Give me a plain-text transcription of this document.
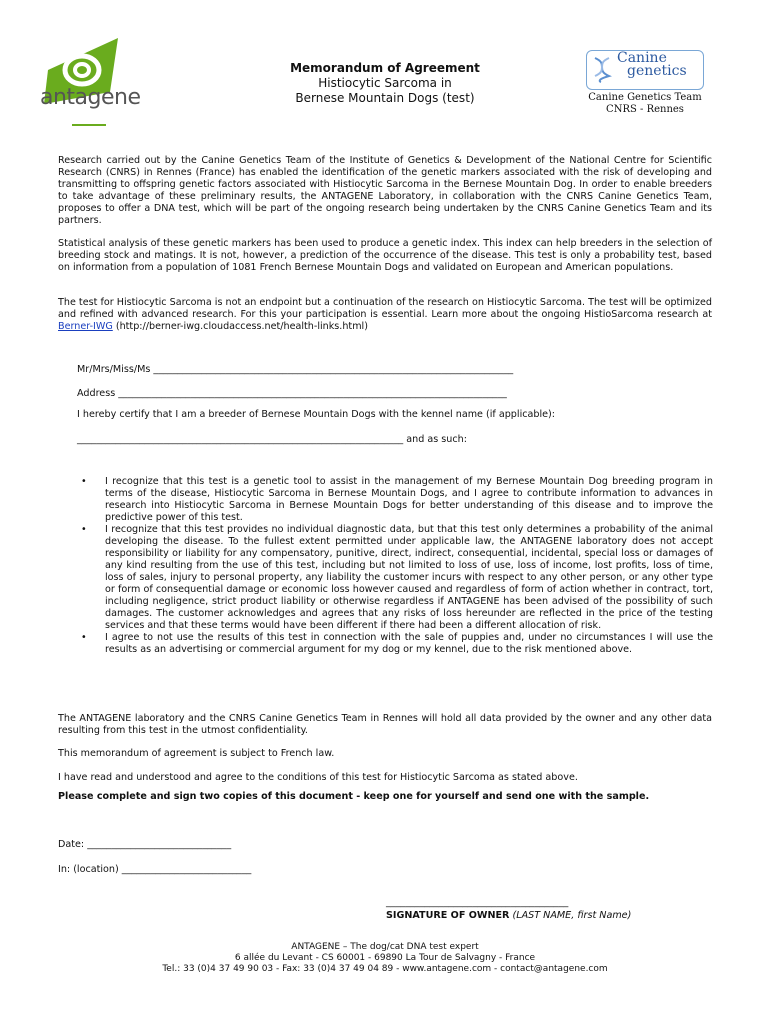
antagene
Memorandum of Agreement
Histiocytic Sarcoma in
Bernese Mountain Dogs (test)
Canine
genetics
Canine Genetics Team
CNRS - Rennes
Research carried out by the Canine Genetics Team of the Institute of Genetics & Development of the National Centre for Scientific Research (CNRS) in Rennes (France) has enabled the identification of the genetic markers associated with the risk of developing and transmitting to offspring genetic factors associated with Histiocytic Sarcoma in the Bernese Mountain Dog. In order to enable breeders to take advantage of these preliminary results, the ANTAGENE Laboratory, in collaboration with the CNRS Canine Genetics Team, proposes to offer a DNA test, which will be part of the ongoing research being undertaken by the CNRS Canine Genetics Team and its partners.
Statistical analysis of these genetic markers has been used to produce a genetic index. This index can help breeders in the selection of breeding stock and matings. It is not, however, a prediction of the occurrence of the disease. This test is only a probability test, based on information from a population of 1081 French Bernese Mountain Dogs and validated on European and American populations.
The test for Histiocytic Sarcoma is not an endpoint but a continuation of the research on Histiocytic Sarcoma. The test will be optimized and refined with advanced research. For this your participation is essential. Learn more about the ongoing HistioSarcoma research at Berner-IWG (http://berner-iwg.cloudaccess.net/health-links.html)
Mr/Mrs/Miss/Ms ___________________________________________________________________________
Address _________________________________________________________________________________
I hereby certify that I am a breeder of Bernese Mountain Dogs with the kennel name (if applicable):
____________________________________________________________________ and as such:
• I recognize that this test is a genetic tool to assist in the management of my Bernese Mountain Dog breeding program in terms of the disease, Histiocytic Sarcoma in Bernese Mountain Dogs, and I agree to contribute information to advances in research into Histiocytic Sarcoma in Bernese Mountain Dogs for better understanding of this disease and to improve the predictive power of this test.
• I recognize that this test provides no individual diagnostic data, but that this test only determines a probability of the animal developing the disease. To the fullest extent permitted under applicable law, the ANTAGENE laboratory does not accept responsibility or liability for any compensatory, punitive, direct, indirect, consequential, incidental, special loss or damages of any kind resulting from the use of this test, including but not limited to loss of use, loss of income, lost profits, loss of time, loss of sales, injury to personal property, any liability the customer incurs with respect to any other person, or any other type or form of consequential damage or economic loss however caused and regardless of form of action whether in contract, tort, including negligence, strict product liability or otherwise regardless if ANTAGENE has been advised of the possibility of such damages. The customer acknowledges and agrees that any risks of loss hereunder are reflected in the price of the testing services and that these terms would have been different if there had been a different allocation of risk.
• I agree to not use the results of this test in connection with the sale of puppies and, under no circumstances I will use the results as an advertising or commercial argument for my dog or my kennel, due to the risk mentioned above.
The ANTAGENE laboratory and the CNRS Canine Genetics Team in Rennes will hold all data provided by the owner and any other data resulting from this test in the utmost confidentiality.
This memorandum of agreement is subject to French law.
I have read and understood and agree to the conditions of this test for Histiocytic Sarcoma as stated above.
Please complete and sign two copies of this document - keep one for yourself and send one with the sample.
Date: ______________________________
In: (location) ___________________________
______________________________________
SIGNATURE OF OWNER (LAST NAME, first Name)
ANTAGENE – The dog/cat DNA test expert
6 allée du Levant - CS 60001 - 69890 La Tour de Salvagny - France
Tel.: 33 (0)4 37 49 90 03 - Fax: 33 (0)4 37 49 04 89 - www.antagene.com - contact@antagene.com
